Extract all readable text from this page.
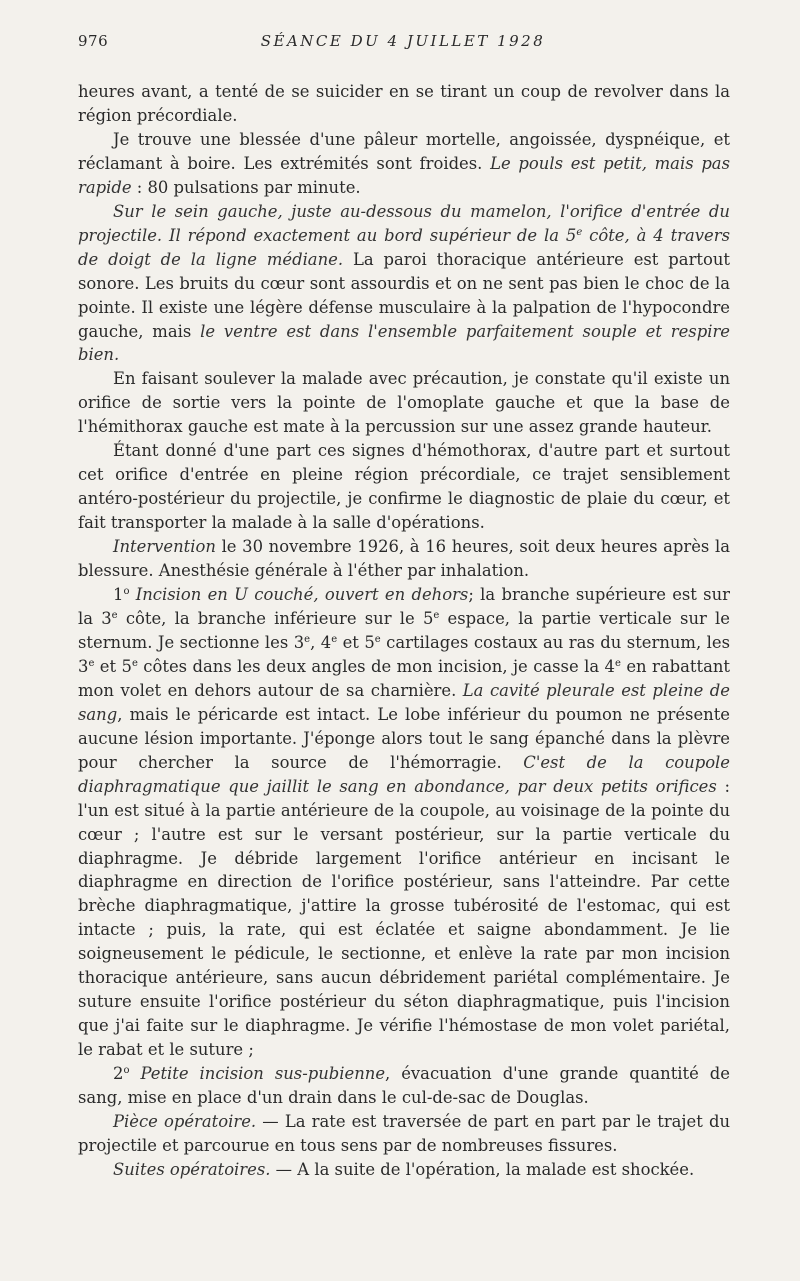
976	SÉANCE DU 4 JUILLET 1928

heures avant, a tenté de se suicider en se tirant un coup de revolver dans la région précordiale.

Je trouve une blessée d'une pâleur mortelle, angoissée, dyspnéique, et réclamant à boire. Les extrémités sont froides. Le pouls est petit, mais pas rapide : 80 pulsations par minute.

Sur le sein gauche, juste au-dessous du mamelon, l'orifice d'entrée du projectile. Il répond exactement au bord supérieur de la 5e côte, à 4 travers de doigt de la ligne médiane. La paroi thoracique antérieure est partout sonore. Les bruits du cœur sont assourdis et on ne sent pas bien le choc de la pointe. Il existe une légère défense musculaire à la palpation de l'hypocondre gauche, mais le ventre est dans l'ensemble parfaitement souple et respire bien.

En faisant soulever la malade avec précaution, je constate qu'il existe un orifice de sortie vers la pointe de l'omoplate gauche et que la base de l'hémithorax gauche est mate à la percussion sur une assez grande hauteur.

Étant donné d'une part ces signes d'hémothorax, d'autre part et surtout cet orifice d'entrée en pleine région précordiale, ce trajet sensiblement antéro-postérieur du projectile, je confirme le diagnostic de plaie du cœur, et fait transporter la malade à la salle d'opérations.

Intervention le 30 novembre 1926, à 16 heures, soit deux heures après la blessure. Anesthésie générale à l'éther par inhalation.

1$^o$ Incision en U couché, ouvert en dehors; la branche supérieure est sur la 3e côte, la branche inférieure sur le 5e espace, la partie verticale sur le sternum. Je sectionne les 3e, 4e et 5e cartilages costaux au ras du sternum, les 3e et 5e côtes dans les deux angles de mon incision, je casse la 4e en rabattant mon volet en dehors autour de sa charnière. La cavité pleurale est pleine de sang, mais le péricarde est intact. Le lobe inférieur du poumon ne présente aucune lésion importante. J'éponge alors tout le sang épanché dans la plèvre pour chercher la source de l'hémorragie. C'est de la coupole diaphragmatique que jaillit le sang en abondance, par deux petits orifices : l'un est situé à la partie antérieure de la coupole, au voisinage de la pointe du cœur ; l'autre est sur le versant postérieur, sur la partie verticale du diaphragme. Je débride largement l'orifice antérieur en incisant le diaphragme en direction de l'orifice postérieur, sans l'atteindre. Par cette brèche diaphragmatique, j'attire la grosse tubérosité de l'estomac, qui est intacte ; puis, la rate, qui est éclatée et saigne abondamment. Je lie soigneusement le pédicule, le sectionne, et enlève la rate par mon incision thoracique antérieure, sans aucun débridement pariétal complémentaire. Je suture ensuite l'orifice postérieur du séton diaphragmatique, puis l'incision que j'ai faite sur le diaphragme. Je vérifie l'hémostase de mon volet pariétal, le rabat et le suture ;

2$^o$ Petite incision sus-pubienne, évacuation d'une grande quantité de sang, mise en place d'un drain dans le cul-de-sac de Douglas.

Pièce opératoire. — La rate est traversée de part en part par le trajet du projectile et parcourue en tous sens par de nombreuses fissures.

Suites opératoires. — A la suite de l'opération, la malade est shockée.
